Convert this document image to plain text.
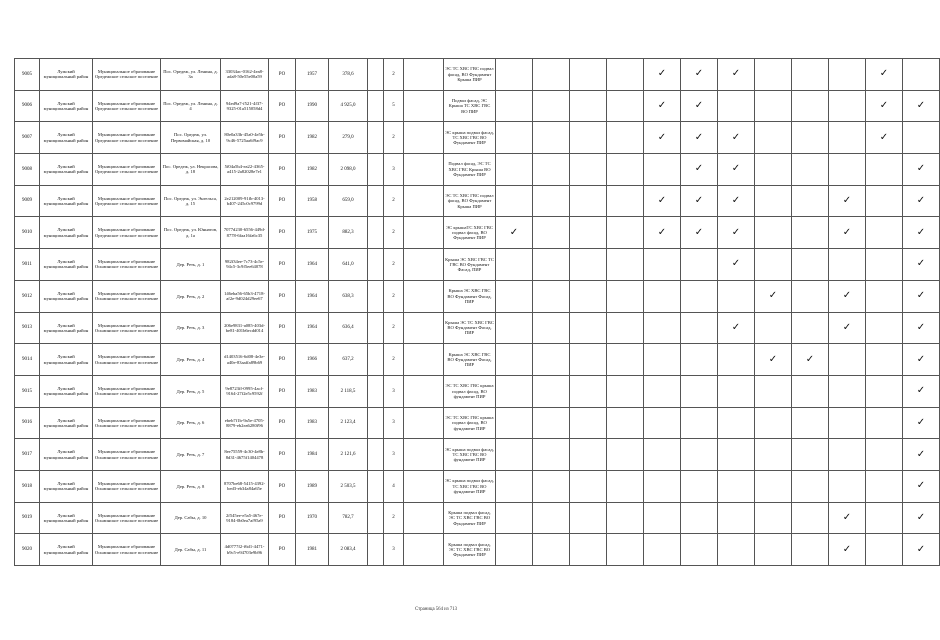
9005	Лужский муниципальный район	Муниципальное образование Оредежское сельское поселение	Пос. Оредеж, ул. Ленина, д. 3а	33034ac-0162-4ea8-ada8-50e55e00a59	РО	1957	378,6		2		ЭС ТС ХВС ГВС подвал фасад, ВО Фундамент Крыша ПИР					✓	✓	✓				✓			
9006	Лужский муниципальный район	Муниципальное образование Оредежское сельское поселение	Пос. Оредеж, ул. Ленина, д. 4	94ed9a7-f521-4f37-9325-01a515058d4	РО	1990	4 925,0		5		Подвал фасад, ЭС Крыша ТС ХВС ГВС ВО ПИР					✓	✓					✓	✓		
9007	Лужский муниципальный район	Муниципальное образование Оредежское сельское поселение	Пос. Оредеж, ул. Первомайская, д. 10	80e0a33b-45a0-4e5b-9c46-5725aa6f9ac9	РО	1982	279,0		2		ЭС крыша подвал фасад, ТС ХВС ГВС ВО Фундамент ПИР					✓	✓	✓				✓			
9008	Лужский муниципальный район	Муниципальное образование Оредежское сельское поселение	Пос. Оредеж, ул. Некрасова, д. 18	5f04a5b4-ea22-4365-a415-2a82028e7e1	РО	1982	2 098,0		3		Подвал фасад, ЭС ТС ХВС ГВС Крыша ВО Фундамент ПИР						✓	✓					✓		
9009	Лужский муниципальный район	Муниципальное образование Оредежское сельское поселение	Пос. Оредеж, ул. Энгельса, д. 15	2e212009-91fb-4013-b407-245c0c9799d	РО	1958	659,0		2		ЭС ТС ХВС ГВС подвал фасад, ВО Фундамент Крыша ПИР					✓	✓	✓			✓		✓		
9010	Лужский муниципальный район	Муниципальное образование Оредежское сельское поселение	Пос. Оредеж, ул. Юннатов, д. 1а	7077d230-6556-449d-8778-6faa16fa6c35	РО	1975	882,3		2		ЭС крышаТС ХВС ГВС подвал фасад, ВО Фундамент ПИР	✓				✓	✓	✓			✓		✓		
9011	Лужский муниципальный район	Муниципальное образование Осьминское сельское поселение	Дер. Реть, д. 1	982f34ee-7c73-4c5e-94c5-3c9f5ee64078	РО	1964	641,0		2		Крыша ЭС ХВС ГВС ТС ГВС ВО Фундамент Фасад, ПИР							✓					✓		
9012	Лужский муниципальный район	Муниципальное образование Осьминское сельское поселение	Дер. Реть, д. 2	146eba56-65b3-4718-af2e-9d024d29ee67	РО	1964	638,3		2		Крыша ЭС ХВС ГВС ВО Фундамент Фасад, ПИР								✓		✓		✓		
9013	Лужский муниципальный район	Муниципальное образование Осьминское сельское поселение	Дер. Реть, д. 3	206e9831-a085-403d-be81-401b6ecdd014	РО	1964	636,4		2		Крыша ЭС ТС ХВС ГВС ВО Фундамент Фасад, ПИР							✓			✓		✓		
9014	Лужский муниципальный район	Муниципальное образование Осьминское сельское поселение	Дер. Реть, д. 4	d1403516-6d08-4e3e-a40e-83aaffa89b69	РО	1966	637,2		2		Крыша ЭС ХВС ГВС ВО Фундамент Фасад, ПИР								✓	✓			✓		
9015	Лужский муниципальный район	Муниципальное образование Осьминское сельское поселение	Дер. Реть, д. 5	9e8723ff-0995-4acf-9164-27f2e5c9592f	РО	1983	2 118,5		3		ЭС ТС ХВС ГВС крыша подвал фасад, ВО фундамент ПИР												✓		
9016	Лужский муниципальный район	Муниципальное образование Осьминское сельское поселение	Дер. Реть, д. 6	ebeb7f1b-9a5e-4705-8879-eb2ea6280f96	РО	1983	2 123,4		3		ЭС ТС ХВС ГВС крыша подвал фасад, ВО фундамент ПИР												✓		
9017	Лужский муниципальный район	Муниципальное образование Осьминское сельское поселение	Дер. Реть, д. 7	8ee75559-4c30-4e8b-8d31-4675f1404478	РО	1984	2 121,6		3		ЭС крыша подвал фасад, ТС ХВС ГВС ВО фундамент ПИР												✓		
9018	Лужский муниципальный район	Муниципальное образование Осьминское сельское поселение	Дер. Реть, д. 8	8707be68-5415-4392-bed3-eb34a84a65e	РО	1989	2 503,5		4		ЭС крыша подвал фасад, ТС ХВС ГВС ВО фундамент ПИР												✓		
9019	Лужский муниципальный район	Муниципальное образование Осьминское сельское поселение	Дер. Сабы, д. 10	2f545ee-e5a5-467e-9184-0b0ea7af95a9	РО	1970	782,7		2		Крыша подвал фасад, ЭС ТС ХВС ГВС ВО Фундамент ПИР										✓		✓		
9020	Лужский муниципальный район	Муниципальное образование Осьминское сельское поселение	Дер. Сабы, д. 11	4d0777f2-f6d1-4471-b9c5-e94703e9b96	РО	1981	2 083,4		3		Крыша подвал фасад, ЭС ТС ХВС ГВС ВО Фундамент ПИР										✓		✓		
Страница 564 из 713
